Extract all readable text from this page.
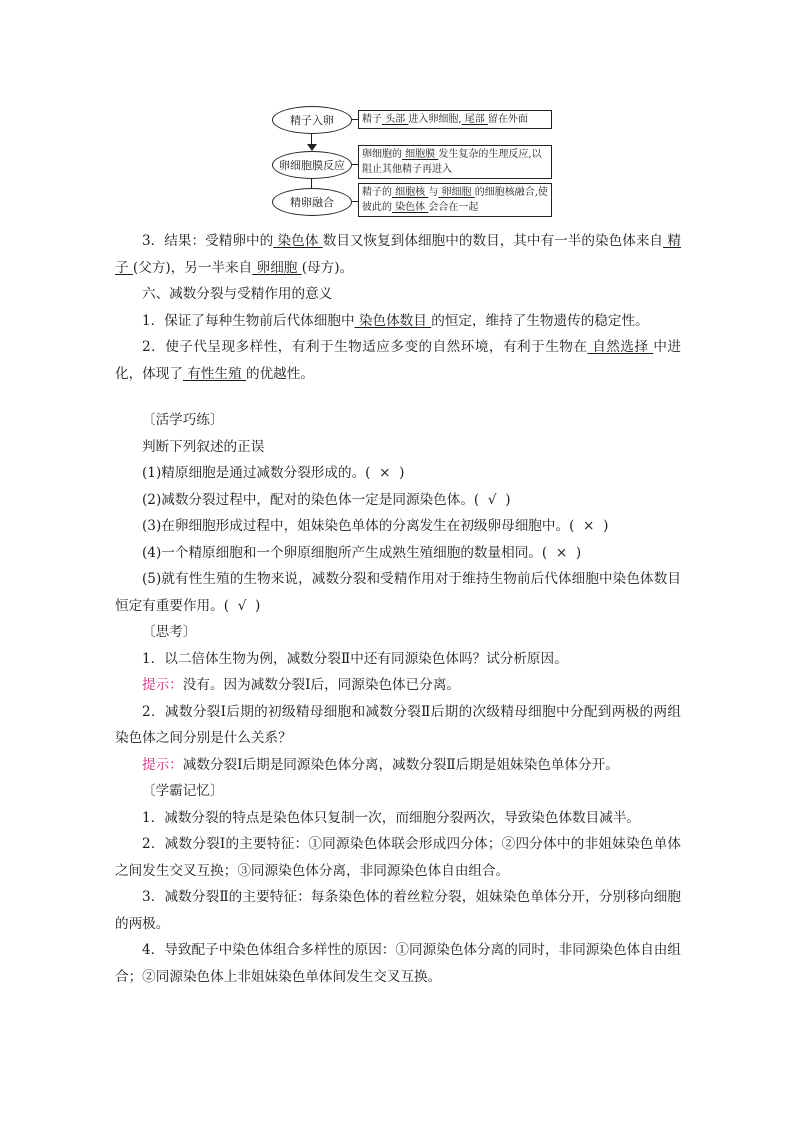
精子入卵	精子 头部 进入卵细胞, 尾部 留在外面
卵细胞膜反应
卵细胞的 细胞膜 发生复杂的生理反应,以阻止其他精子再进入
精卵融合
精子的 细胞核 与 卵细胞 的细胞核融合,使彼此的 染色体 会合在一起

3．结果：受精卵中的 染色体 数目又恢复到体细胞中的数目，其中有一半的染色体来自 精子 (父方)，另一半来自 卵细胞 (母方)。

六、减数分裂与受精作用的意义

1．保证了每种生物前后代体细胞中 染色体数目 的恒定，维持了生物遗传的稳定性。

2．使子代呈现多样性，有利于生物适应多变的自然环境，有利于生物在 自然选择 中进化，体现了 有性生殖 的优越性。

〔活学巧练〕

判断下列叙述的正误

(1)精原细胞是通过减数分裂形成的。( × )

(2)减数分裂过程中，配对的染色体一定是同源染色体。( √ )

(3)在卵细胞形成过程中，姐妹染色单体的分离发生在初级卵母细胞中。( × )

(4)一个精原细胞和一个卵原细胞所产生成熟生殖细胞的数量相同。( × )

(5)就有性生殖的生物来说，减数分裂和受精作用对于维持生物前后代体细胞中染色体数目恒定有重要作用。( √ )

〔思考〕

1．以二倍体生物为例，减数分裂Ⅱ中还有同源染色体吗？试分析原因。

提示：没有。因为减数分裂Ⅰ后，同源染色体已分离。

2．减数分裂Ⅰ后期的初级精母细胞和减数分裂Ⅱ后期的次级精母细胞中分配到两极的两组染色体之间分别是什么关系？

提示：减数分裂Ⅰ后期是同源染色体分离，减数分裂Ⅱ后期是姐妹染色单体分开。

〔学霸记忆〕

1．减数分裂的特点是染色体只复制一次，而细胞分裂两次，导致染色体数目减半。

2．减数分裂Ⅰ的主要特征：①同源染色体联会形成四分体；②四分体中的非姐妹染色单体之间发生交叉互换；③同源染色体分离，非同源染色体自由组合。

3．减数分裂Ⅱ的主要特征：每条染色体的着丝粒分裂，姐妹染色单体分开，分别移向细胞的两极。

4．导致配子中染色体组合多样性的原因：①同源染色体分离的同时，非同源染色体自由组合；②同源染色体上非姐妹染色单体间发生交叉互换。
